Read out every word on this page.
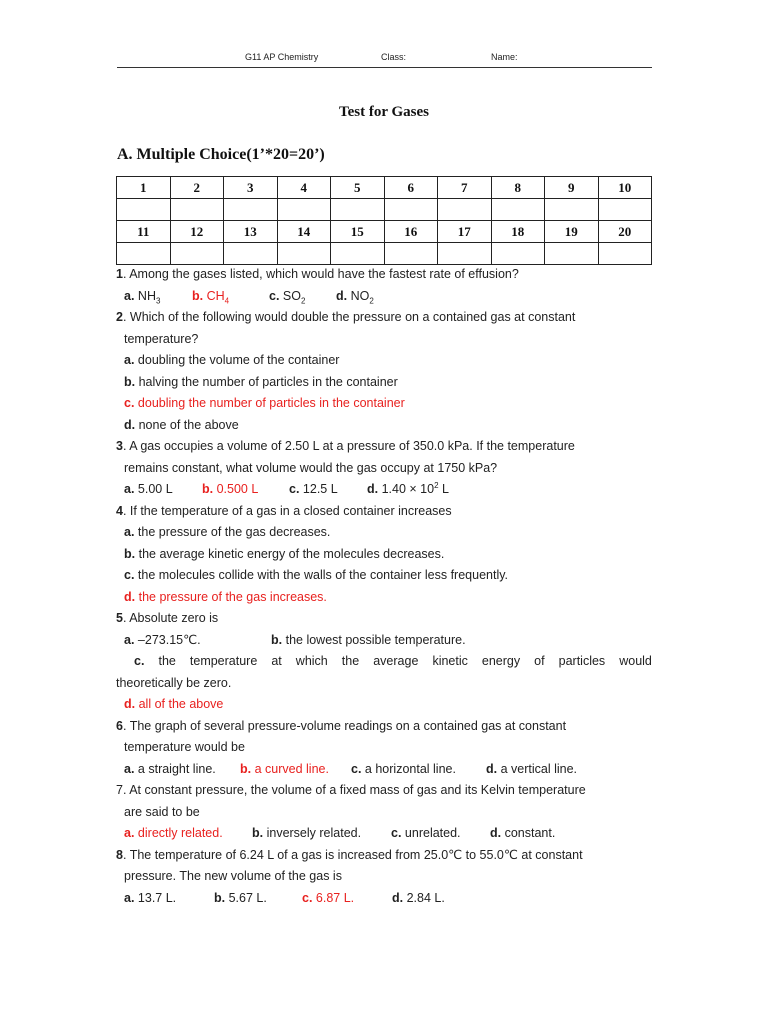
G11 AP Chemistry	Class:	Name:
Test for Gases
A. Multiple Choice(1’*20=20’)
1	2	3	4	5	6	7	8	9	10

11	12	13	14	15	16	17	18	19	20

1. Among the gases listed, which would have the fastest rate of effusion?
a. $NH_3$	b. $CH_4$	c. $SO_2$ d. $NO_2$
2. Which of the following would double the pressure on a contained gas at constant
temperature?
a. doubling the volume of the container
b. halving the number of particles in the container
c. doubling the number of particles in the container
d. none of the above
3. A gas occupies a volume of 2.50 L at a pressure of 350.0 kPa. If the temperature
remains constant, what volume would the gas occupy at 1750 kPa?
a. 5.00 L b. 0.500 L c. 12.5 L d. $1.40 \times 10^2$ L
4. If the temperature of a gas in a closed container increases
a. the pressure of the gas decreases.
b. the average kinetic energy of the molecules decreases.
c. the molecules collide with the walls of the container less frequently.
d. the pressure of the gas increases.
5. Absolute zero is
a. –273.15℃.	b. the lowest possible temperature.
c. the temperature at which the average kinetic energy of particles would
theoretically be zero.
d. all of the above
6. The graph of several pressure-volume readings on a contained gas at constant
temperature would be
a. a straight line. b. a curved line. c. a horizontal line. d. a vertical line.
7. At constant pressure, the volume of a fixed mass of gas and its Kelvin temperature
are said to be
a. directly related. b. inversely related. c. unrelated. d. constant.
8. The temperature of 6.24 L of a gas is increased from 25.0℃ to 55.0℃ at constant
pressure. The new volume of the gas is
a. 13.7 L.	b. 5.67 L.	c. 6.87 L.	d. 2.84 L.
